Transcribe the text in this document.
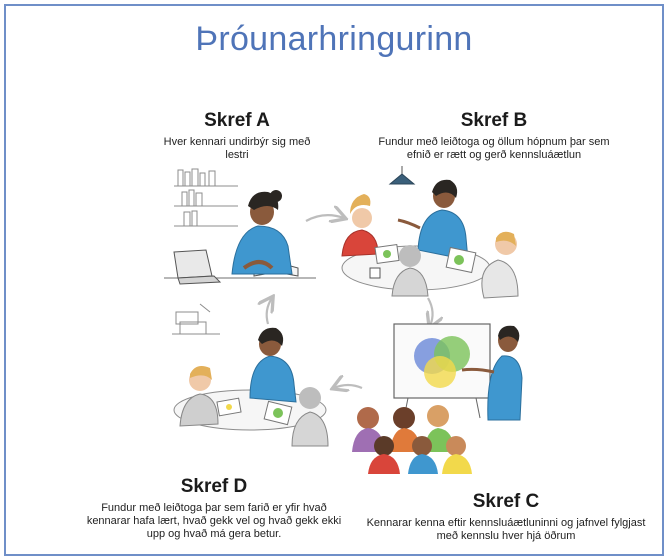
Þróunarhringurinn
Skref A
Hver kennari undirbýr sig með lestri
Skref B
Fundur með leiðtoga og öllum hópnum þar sem efnið er rætt og gerð kennsluáætlun
Skref C
Kennarar kenna eftir kennsluáætluninni og jafnvel fylgjast með kennslu hver hjá öðrum
Skref D
Fundur með leiðtoga þar sem farið er yfir hvað kennarar hafa lært, hvað gekk vel og hvað gekk ekki upp og hvað má gera betur.
